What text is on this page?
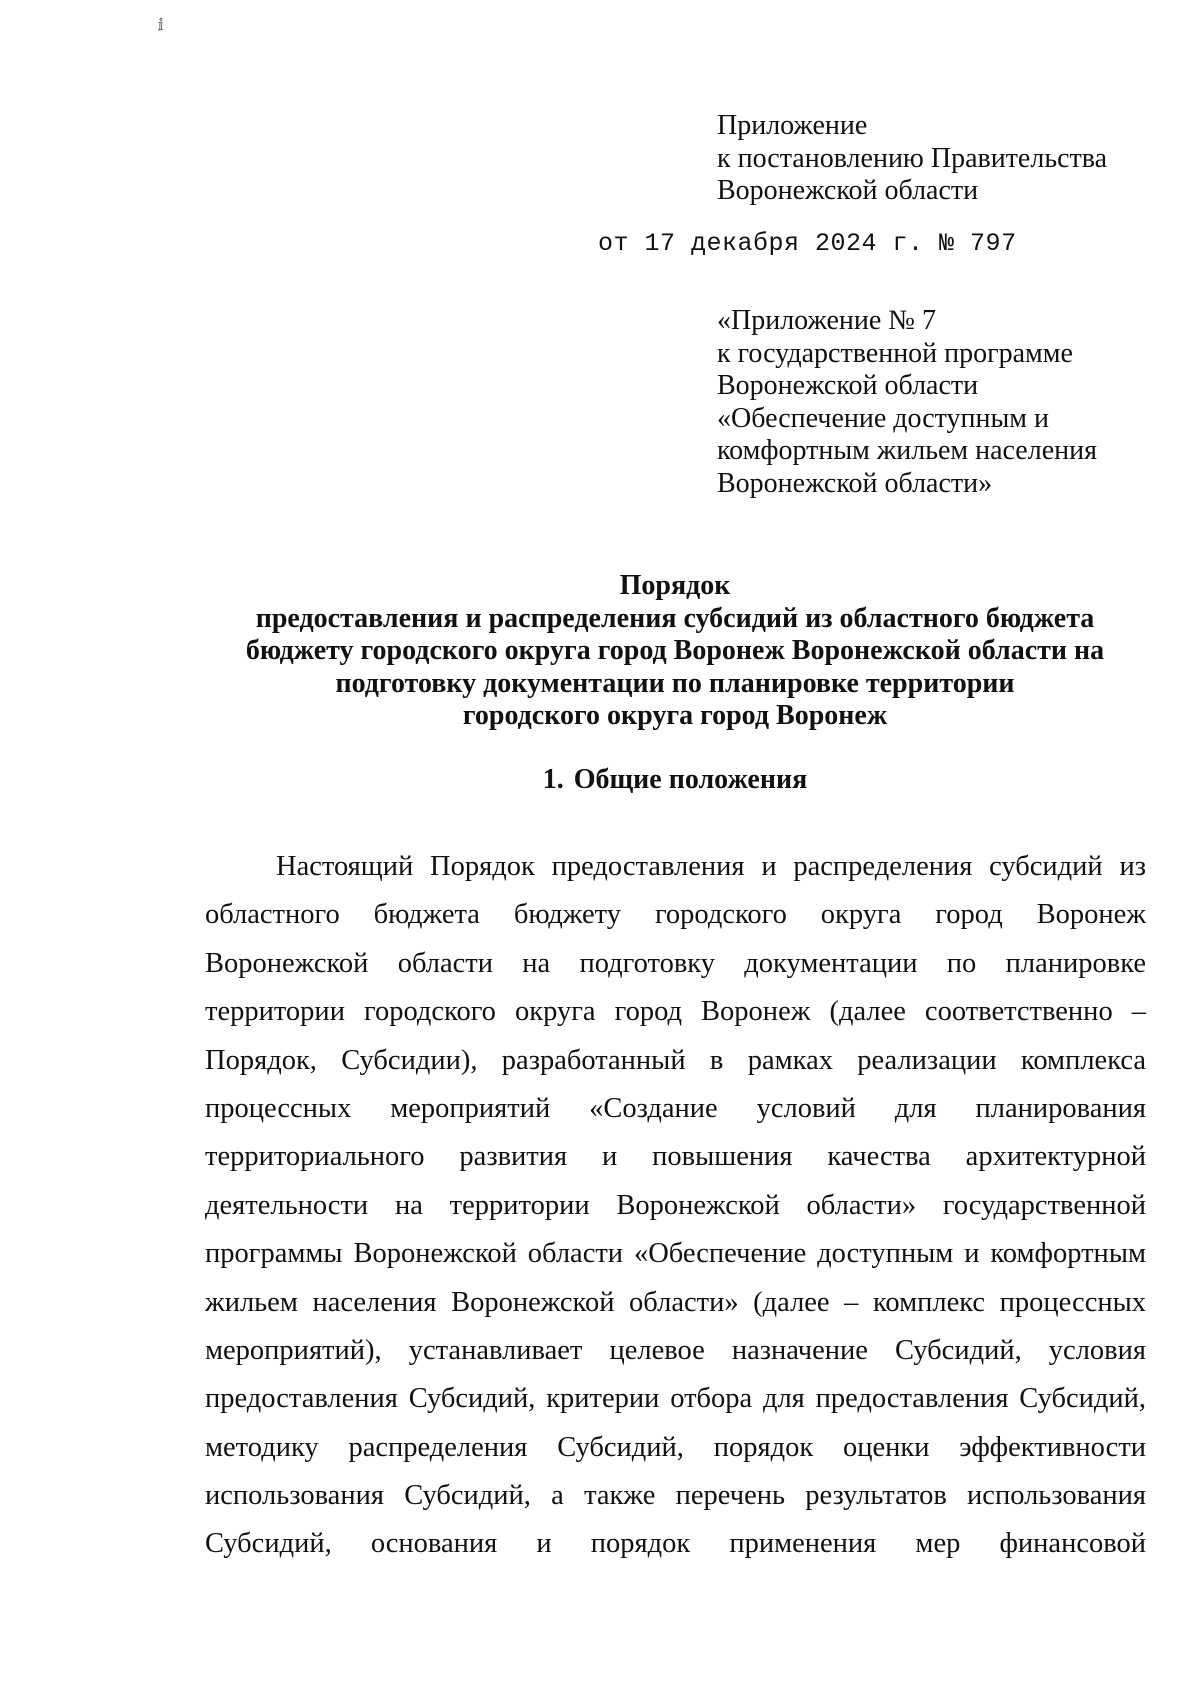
ⅈ
Приложение
к постановлению Правительства
Воронежской области
от 17 декабря 2024 г. № 797
«Приложение № 7
к государственной программе
Воронежской области
«Обеспечение доступным и
комфортным жильем населения
Воронежской области»
Порядок
предоставления и распределения субсидий из областного бюджета
бюджету городского округа город Воронеж Воронежской области на
подготовку документации по планировке территории
городского округа город Воронеж
1. Общие положения
Настоящий Порядок предоставления и распределения субсидий из
областного бюджета бюджету городского округа город Воронеж
Воронежской области на подготовку документации по планировке
территории городского округа город Воронеж (далее соответственно –
Порядок, Субсидии), разработанный в рамках реализации комплекса
процессных мероприятий «Создание условий для планирования
территориального развития и повышения качества архитектурной
деятельности на территории Воронежской области» государственной
программы Воронежской области «Обеспечение доступным и комфортным
жильем населения Воронежской области» (далее – комплекс процессных
мероприятий), устанавливает целевое назначение Субсидий, условия
предоставления Субсидий, критерии отбора для предоставления Субсидий,
методику распределения Субсидий, порядок оценки эффективности
использования Субсидий, а также перечень результатов использования
Субсидий, основания и порядок применения мер финансовой
